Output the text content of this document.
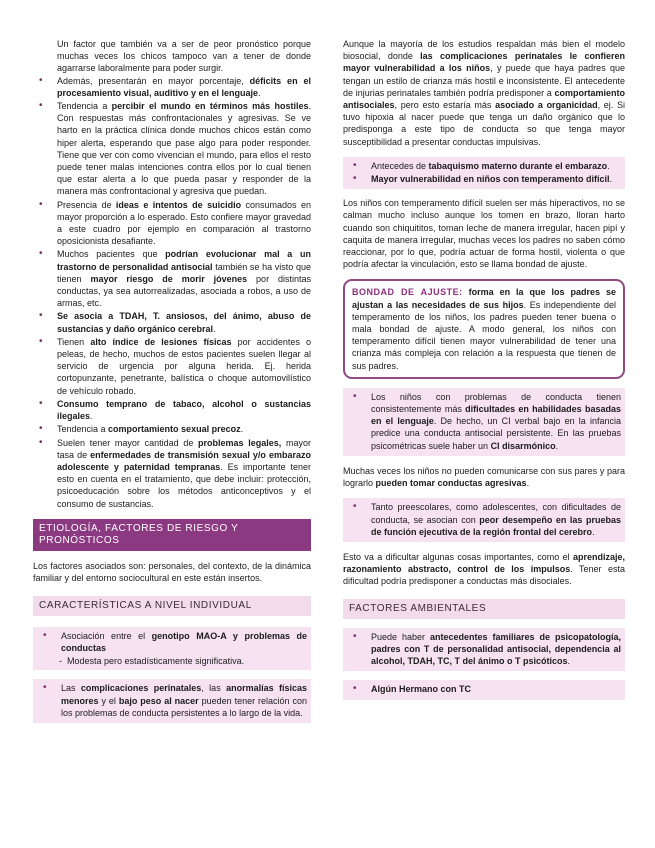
Un factor que también va a ser de peor pronóstico porque muchas veces los chicos tampoco van a tener de donde agarrarse laboralmente para poder surgir.

• Además, presentarán en mayor porcentaje, déficits en el procesamiento visual, auditivo y en el lenguaje.
• Tendencia a percibir el mundo en términos más hostiles. Con respuestas más confrontacionales y agresivas. Se ve harto en la práctica clínica donde muchos chicos están como hiper alerta, esperando que pase algo para poder responder. Tiene que ver con como vivencian el mundo, para ellos el resto puede tener malas intenciones contra ellos por lo cual tienen que estar alerta a lo que pueda pasar y responder de la manera más confrontacional y agresiva que puedan.
• Presencia de ideas e intentos de suicidio consumados en mayor proporción a lo esperado. Esto confiere mayor gravedad a este cuadro por ejemplo en comparación al trastorno oposicionista desafiante.
• Muchos pacientes que podrían evolucionar mal a un trastorno de personalidad antisocial también se ha visto que tienen mayor riesgo de morir jóvenes por distintas conductas, ya sea autorrealizadas, asociada a robos, a uso de armas, etc.
• Se asocia a TDAH, T. ansiosos, del ánimo, abuso de sustancias y daño orgánico cerebral.
• Tienen alto índice de lesiones físicas por accidentes o peleas, de hecho, muchos de estos pacientes suelen llegar al servicio de urgencia por alguna herida. Ej. herida cortopunzante, penetrante, balística o choque automovilístico de vehículo robado.
• Consumo temprano de tabaco, alcohol o sustancias ilegales.
• Tendencia a comportamiento sexual precoz.
• Suelen tener mayor cantidad de problemas legales, mayor tasa de enfermedades de transmisión sexual y/o embarazo adolescente y paternidad tempranas. Es importante tener esto en cuenta en el tratamiento, que debe incluir: protección, psicoeducación sobre los métodos anticonceptivos y el consumo de sustancias.
ETIOLOGÍA, FACTORES DE RIESGO Y PRONÓSTICOS

Los factores asociados son: personales, del contexto, de la dinámica familiar y del entorno sociocultural en este están insertos.

CARACTERÍSTICAS A NIVEL INDIVIDUAL
• Asociación entre el genotipo MAO-A y problemas de conductas
- Modesta pero estadísticamente significativa.
• Las complicaciones perinatales, las anormalías físicas menores y el bajo peso al nacer pueden tener relación con los problemas de conducta persistentes a lo largo de la vida.

Aunque la mayoría de los estudios respaldan más bien el modelo biosocial, donde las complicaciones perinatales le confieren mayor vulnerabilidad a los niños, y puede que haya padres que tengan un estilo de crianza más hostil e inconsistente. El antecedente de injurias perinatales también podría predisponer a comportamiento antisociales, pero esto estaría más asociado a organicidad, ej. Si tuvo hipoxia al nacer puede que tenga un daño orgánico que lo predisponga a este tipo de conducta so que tenga mayor susceptibilidad a presentar conductas impulsivas.

• Antecedes de tabaquismo materno durante el embarazo.
• Mayor vulnerabilidad en niños con temperamento difícil.

Los niños con temperamento difícil suelen ser más hiperactivos, no se calman mucho incluso aunque los tomen en brazo, lloran harto cuando son chiquititos, toman leche de manera irregular, hacen pipí y caquita de manera irregular, muchas veces los padres no saben cómo reaccionar, por lo que, podría actuar de forma hostil, violenta o que podría afectar la vinculación, esto se llama bondad de ajuste.

BONDAD DE AJUSTE: forma en la que los padres se ajustan a las necesidades de sus hijos. Es independiente del temperamento de los niños, los padres pueden tener buena o mala bondad de ajuste. A modo general, los niños con temperamento difícil tienen mayor vulnerabilidad de tener una crianza más compleja con relación a la respuesta que tienen de sus padres.
• Los niños con problemas de conducta tienen consistentemente más dificultades en habilidades basadas en el lenguaje. De hecho, un CI verbal bajo en la infancia predice una conducta antisocial persistente. En las pruebas psicométricas suele haber un CI disarmónico.

Muchas veces los niños no pueden comunicarse con sus pares y para lograrlo pueden tomar conductas agresivas.

• Tanto preescolares, como adolescentes, con dificultades de conducta, se asocian con peor desempeño en las pruebas de función ejecutiva de la región frontal del cerebro.

Esto va a dificultar algunas cosas importantes, como el aprendizaje, razonamiento abstracto, control de los impulsos. Tener esta dificultad podría predisponer a conductas más disociales.

FACTORES AMBIENTALES
• Puede haber antecedentes familiares de psicopatología, padres con T de personalidad antisocial, dependencia al alcohol, TDAH, TC, T del ánimo o T psicóticos.
• Algún Hermano con TC
